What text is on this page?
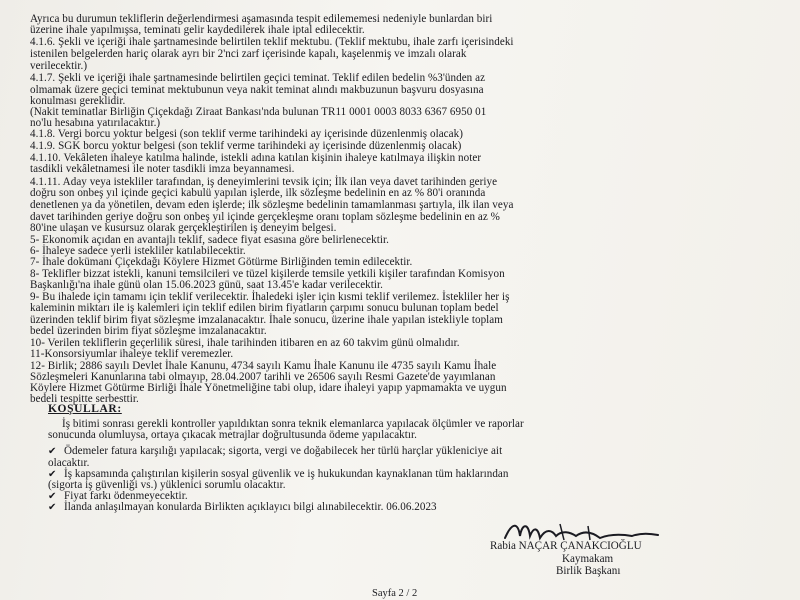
Ayrıca bu durumun tekliflerin değerlendirmesi aşamasında tespit edilememesi nedeniyle bunlardan biri
üzerine ihale yapılmışsa, teminatı gelir kaydedilerek ihale iptal edilecektir.
4.1.6. Şekli ve içeriği ihale şartnamesinde belirtilen teklif mektubu. (Teklif mektubu, ihale zarfı içerisindeki
istenilen belgelerden hariç olarak ayrı bir 2'nci zarf içerisinde kapalı, kaşelenmiş ve imzalı olarak
verilecektir.)
4.1.7. Şekli ve içeriği ihale şartnamesinde belirtilen geçici teminat. Teklif edilen bedelin %3'ünden az
olmamak üzere geçici teminat mektubunun veya nakit teminat alındı makbuzunun başvuru dosyasına
konulması gereklidir.
(Nakit teminatlar Birliğin Çiçekdağı Ziraat Bankası'nda bulunan TR11 0001 0003 8033 6367 6950 01
no'lu hesabına yatırılacaktır.)
4.1.8. Vergi borcu yoktur belgesi (son teklif verme tarihindeki ay içerisinde düzenlenmiş olacak)
4.1.9. SGK borcu yoktur belgesi (son teklif verme tarihindeki ay içerisinde düzenlenmiş olacak)
4.1.10. Vekâleten ihaleye katılma halinde, istekli adına katılan kişinin ihaleye katılmaya ilişkin noter
tasdikli vekâletnamesi ile noter tasdikli imza beyannamesi.
4.1.11. Aday veya istekliler tarafından, iş deneyimlerini tevsik için; İlk ilan veya davet tarihinden geriye
doğru son onbeş yıl içinde geçici kabulü yapılan işlerde, ilk sözleşme bedelinin en az % 80'i oranında
denetlenen ya da yönetilen, devam eden işlerde; ilk sözleşme bedelinin tamamlanması şartıyla, ilk ilan veya
davet tarihinden geriye doğru son onbeş yıl içinde gerçekleşme oranı toplam sözleşme bedelinin en az %
80'ine ulaşan ve kusursuz olarak gerçekleştirilen iş deneyim belgesi.
5- Ekonomik açıdan en avantajlı teklif, sadece fiyat esasına göre belirlenecektir.
6- İhaleye sadece yerli istekliler katılabilecektir.
7- İhale dokümanı Çiçekdağı Köylere Hizmet Götürme Birliğinden temin edilecektir.
8- Teklifler bizzat istekli, kanuni temsilcileri ve tüzel kişilerde temsile yetkili kişiler tarafından Komisyon
Başkanlığı'na ihale günü olan 15.06.2023 günü, saat 13.45'e kadar verilecektir.
9- Bu ihalede için tamamı için teklif verilecektir. İhaledeki işler için kısmi teklif verilemez. İstekliler her iş
kaleminin miktarı ile iş kalemleri için teklif edilen birim fiyatların çarpımı sonucu bulunan toplam bedel
üzerinden teklif birim fiyat sözleşme imzalanacaktır. İhale sonucu, üzerine ihale yapılan istekliyle toplam
bedel üzerinden birim fiyat sözleşme imzalanacaktır.
10- Verilen tekliflerin geçerlilik süresi, ihale tarihinden itibaren en az 60 takvim günü olmalıdır.
11-Konsorsiyumlar ihaleye teklif veremezler.
12- Birlik; 2886 sayılı Devlet İhale Kanunu, 4734 sayılı Kamu İhale Kanunu ile 4735 sayılı Kamu İhale
Sözleşmeleri Kanunlarına tabi olmayıp, 28.04.2007 tarihli ve 26506 sayılı Resmi Gazete'de yayımlanan
Köylere Hizmet Götürme Birliği İhale Yönetmeliğine tabi olup, idare ihaleyi yapıp yapmamakta ve uygun
bedeli tespitte serbesttir.
KOŞULLAR:
İş bitimi sonrası gerekli kontroller yapıldıktan sonra teknik elemanlarca yapılacak ölçümler ve raporlar
sonucunda olumluysa, ortaya çıkacak metrajlar doğrultusunda ödeme yapılacaktır.
✔ Ödemeler fatura karşılığı yapılacak; sigorta, vergi ve doğabilecek her türlü harçlar yükleniciye ait
olacaktır.
✔ İş kapsamında çalıştırılan kişilerin sosyal güvenlik ve iş hukukundan kaynaklanan tüm haklarından
(sigorta iş güvenliği vs.) yüklenici sorumlu olacaktır.
✔ Fiyat farkı ödenmeyecektir.
✔ İlanda anlaşılmayan konularda Birlikten açıklayıcı bilgi alınabilecektir. 06.06.2023
Rabia NAÇAR ÇANAKCIOĞLU
Kaymakam
Birlik Başkanı
Sayfa 2 / 2
